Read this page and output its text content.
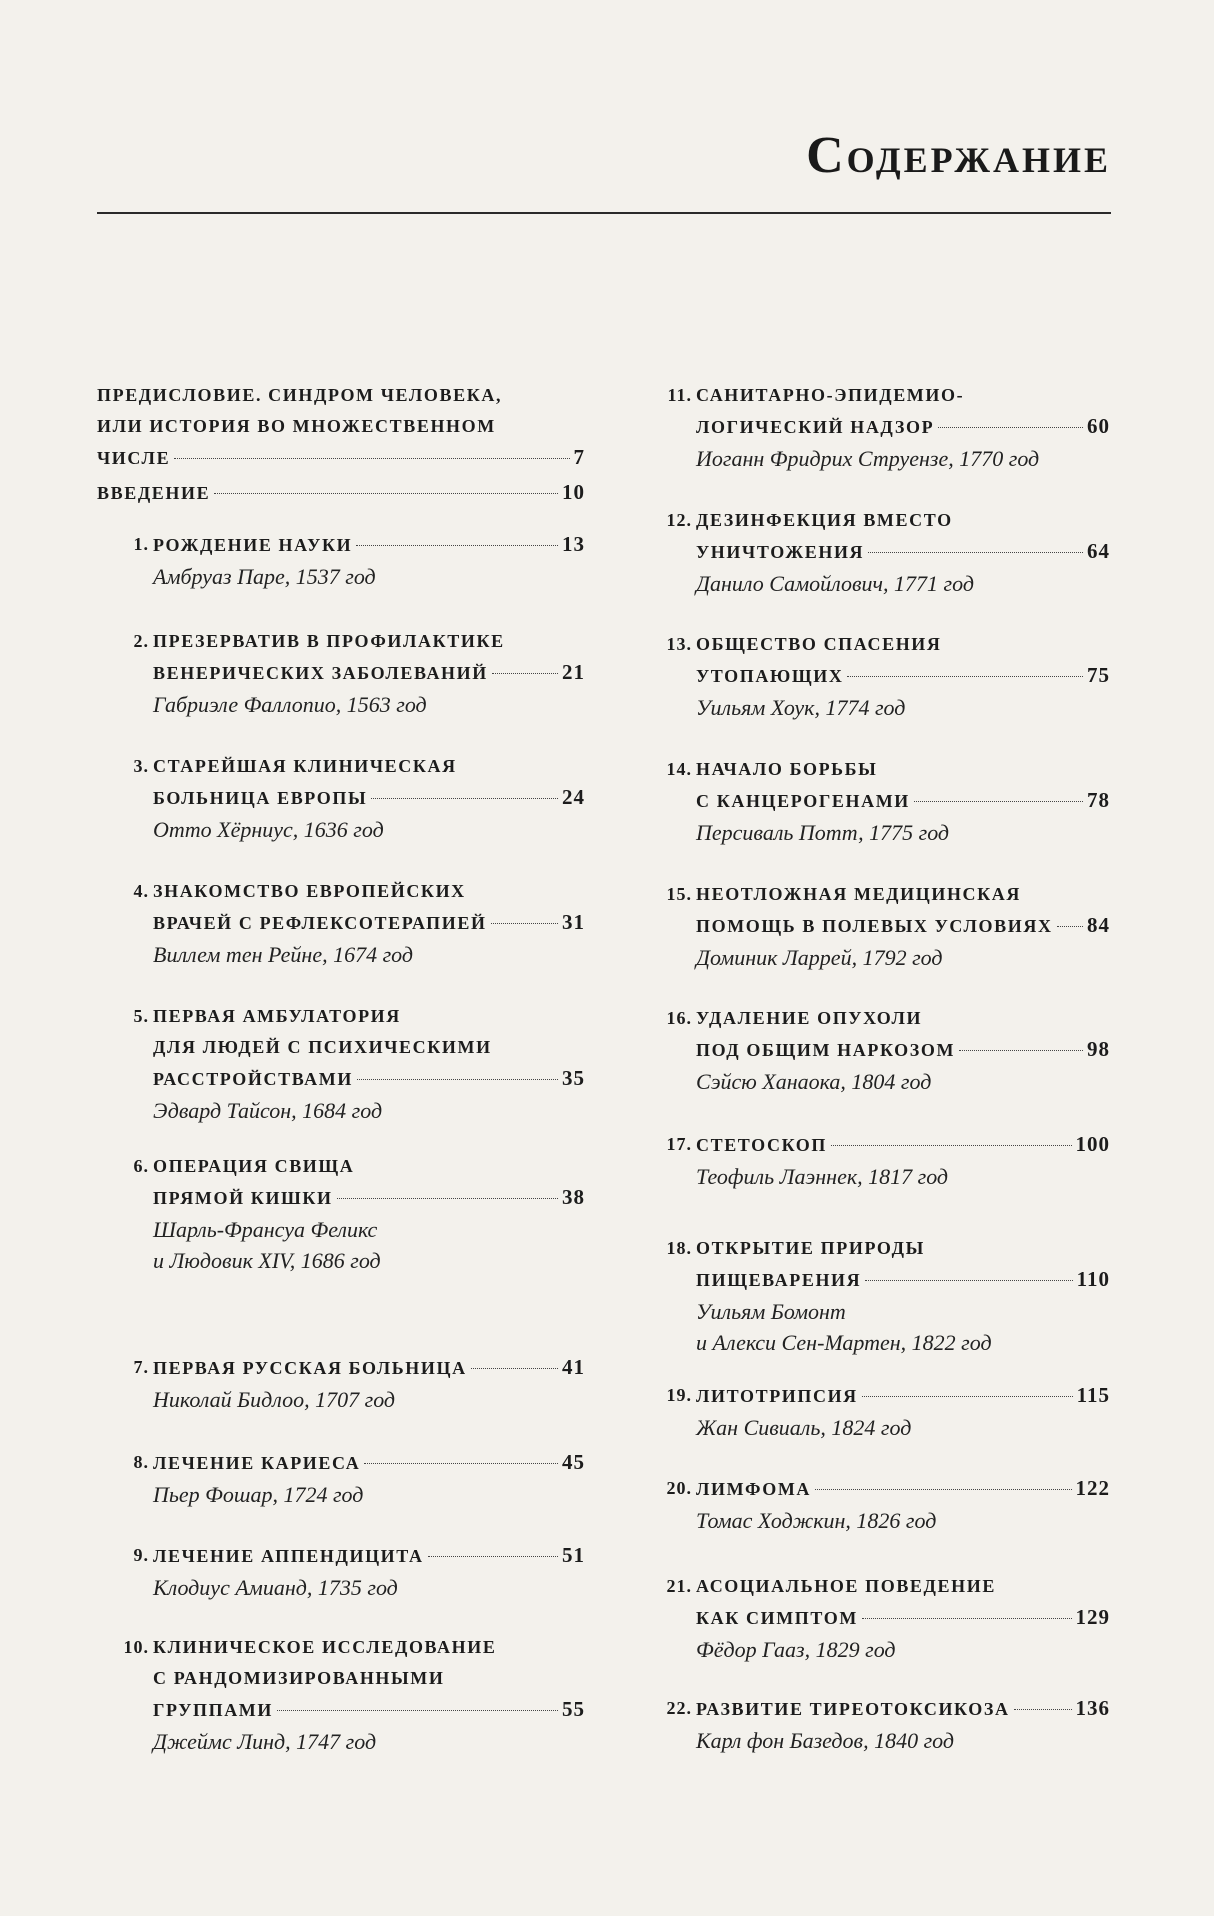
Содержание
ПРЕДИСЛОВИЕ. СИНДРОМ ЧЕЛОВЕКА,
ИЛИ ИСТОРИЯ ВО МНОЖЕСТВЕННОМ
ЧИСЛЕ	7
ВВЕДЕНИЕ	10
1. РОЖДЕНИЕ НАУКИ	13
Амбруаз Паре, 1537 год
2. ПРЕЗЕРВАТИВ В ПРОФИЛАКТИКЕ
ВЕНЕРИЧЕСКИХ ЗАБОЛЕВАНИЙ	21
Габриэле Фаллопио, 1563 год
3. СТАРЕЙШАЯ КЛИНИЧЕСКАЯ
БОЛЬНИЦА ЕВРОПЫ	24
Отто Хёрниус, 1636 год
4. ЗНАКОМСТВО ЕВРОПЕЙСКИХ
ВРАЧЕЙ С РЕФЛЕКСОТЕРАПИЕЙ	31
Виллем тен Рейне, 1674 год
5. ПЕРВАЯ АМБУЛАТОРИЯ
ДЛЯ ЛЮДЕЙ С ПСИХИЧЕСКИМИ
РАССТРОЙСТВАМИ	35
Эдвард Тайсон, 1684 год
6. ОПЕРАЦИЯ СВИЩА
ПРЯМОЙ КИШКИ	38
Шарль-Франсуа Феликс
и Людовик XIV, 1686 год
7. ПЕРВАЯ РУССКАЯ БОЛЬНИЦА	41
Николай Бидлоо, 1707 год
8. ЛЕЧЕНИЕ КАРИЕСА	45
Пьер Фошар, 1724 год
9. ЛЕЧЕНИЕ АППЕНДИЦИТА	51
Клодиус Амианд, 1735 год
10. КЛИНИЧЕСКОЕ ИССЛЕДОВАНИЕ
С РАНДОМИЗИРОВАННЫМИ
ГРУППАМИ	55
Джеймс Линд, 1747 год
11. САНИТАРНО-ЭПИДЕМИО-
ЛОГИЧЕСКИЙ НАДЗОР	60
Иоганн Фридрих Струензе, 1770 год
12. ДЕЗИНФЕКЦИЯ ВМЕСТО
УНИЧТОЖЕНИЯ	64
Данило Самойлович, 1771 год
13. ОБЩЕСТВО СПАСЕНИЯ
УТОПАЮЩИХ	75
Уильям Хоук, 1774 год
14. НАЧАЛО БОРЬБЫ
С КАНЦЕРОГЕНАМИ	78
Персиваль Потт, 1775 год
15. НЕОТЛОЖНАЯ МЕДИЦИНСКАЯ
ПОМОЩЬ В ПОЛЕВЫХ УСЛОВИЯХ 84
Доминик Ларрей, 1792 год
16. УДАЛЕНИЕ ОПУХОЛИ
ПОД ОБЩИМ НАРКОЗОМ	98
Сэйсю Ханаока, 1804 год
17. СТЕТОСКОП	100
Теофиль Лаэннек, 1817 год
18. ОТКРЫТИЕ ПРИРОДЫ
ПИЩЕВАРЕНИЯ	110
Уильям Бомонт
и Алекси Сен-Мартен, 1822 год
19. ЛИТОТРИПСИЯ	115
Жан Сивиаль, 1824 год
20. ЛИМФОМА	122
Томас Ходжкин, 1826 год
21. АСОЦИАЛЬНОЕ ПОВЕДЕНИЕ
КАК СИМПТОМ	129
Фёдор Гааз, 1829 год
22. РАЗВИТИЕ ТИРЕОТОКСИКОЗА	136
Карл фон Базедов, 1840 год
